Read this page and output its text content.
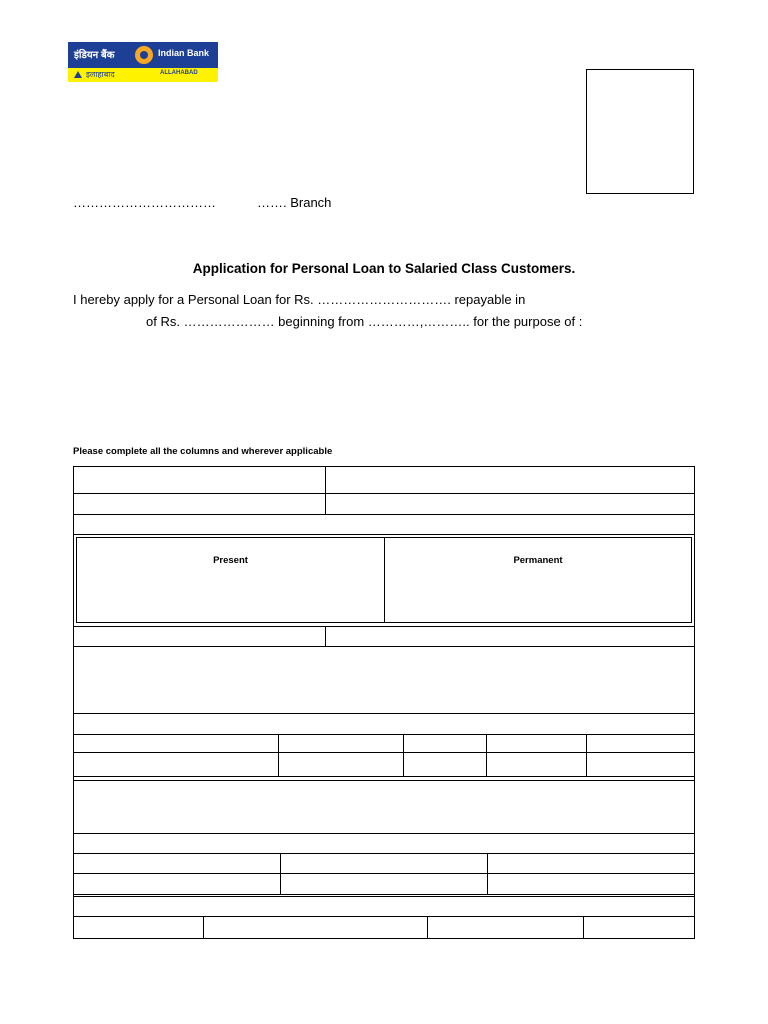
इंडियन बैंक	Indian Bank
इलाहाबाद	ALLAHABAD
……………………………	……. Branch
Application for Personal Loan to Salaried Class Customers.
I hereby apply for a Personal Loan for Rs. …………………………. repayable in
of Rs. ………………… beginning from …………,……….. for the purpose of :
Please complete all the columns and wherever applicable
Present	Permanent
